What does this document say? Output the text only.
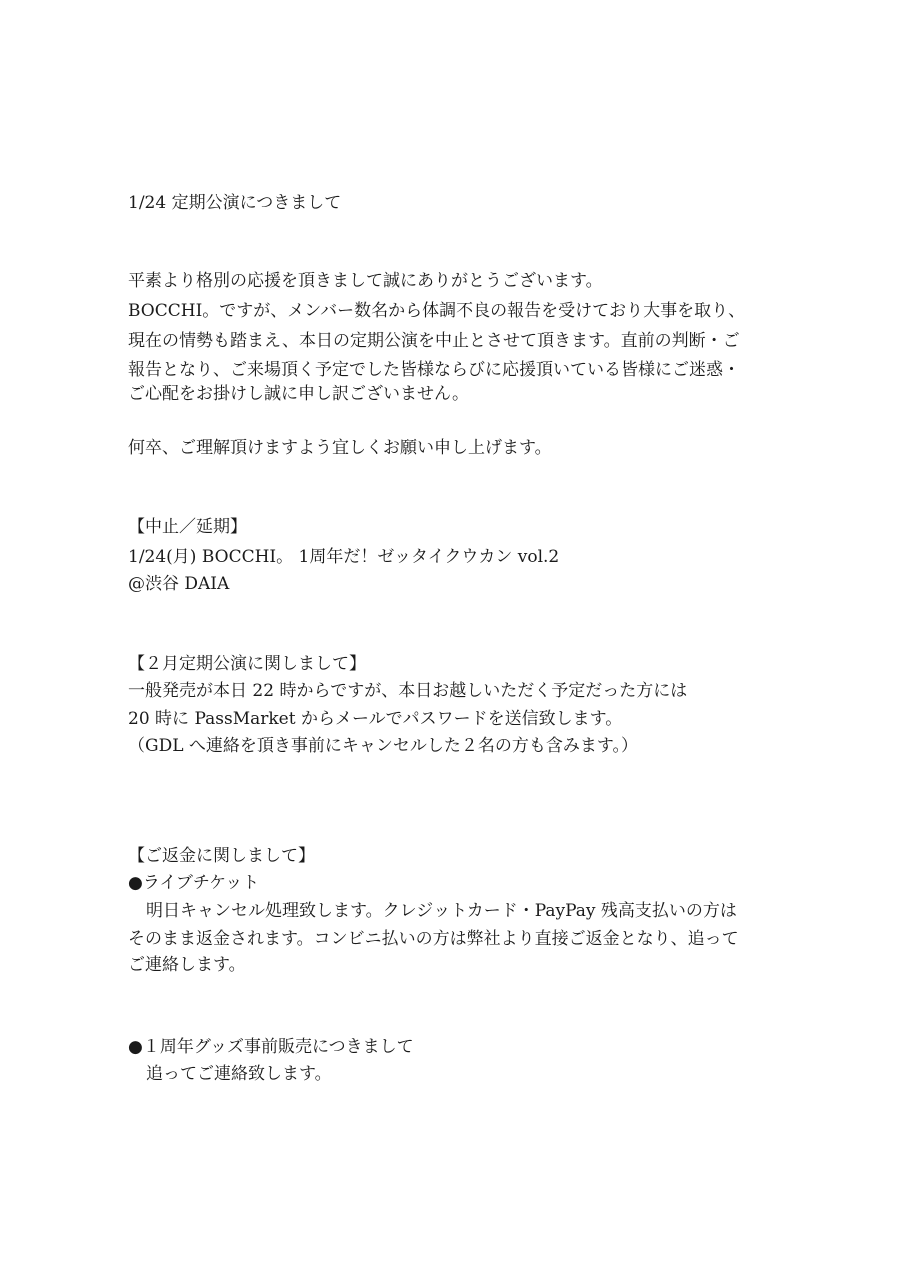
1/24 定期公演につきまして
平素より格別の応援を頂きまして誠にありがとうございます。
BOCCHI。ですが、メンバー数名から体調不良の報告を受けており大事を取り、
現在の情勢も踏まえ、本日の定期公演を中止とさせて頂きます。直前の判断・ご
報告となり、ご来場頂く予定でした皆様ならびに応援頂いている皆様にご迷惑・
ご心配をお掛けし誠に申し訳ございません。
何卒、ご理解頂けますよう宜しくお願い申し上げます。
【中止／延期】
1/24(月) BOCCHI。 1周年だ！ゼッタイクウカン vol.2
@渋谷 DAIA
【２月定期公演に関しまして】
一般発売が本日 22 時からですが、本日お越しいただく予定だった方には
20 時に PassMarket からメールでパスワードを送信致します。
（GDL へ連絡を頂き事前にキャンセルした２名の方も含みます。）
【ご返金に関しまして】
●ライブチケット
明日キャンセル処理致します。クレジットカード・PayPay 残高支払いの方は
そのまま返金されます。コンビニ払いの方は弊社より直接ご返金となり、追って
ご連絡します。
●１周年グッズ事前販売につきまして
追ってご連絡致します。
